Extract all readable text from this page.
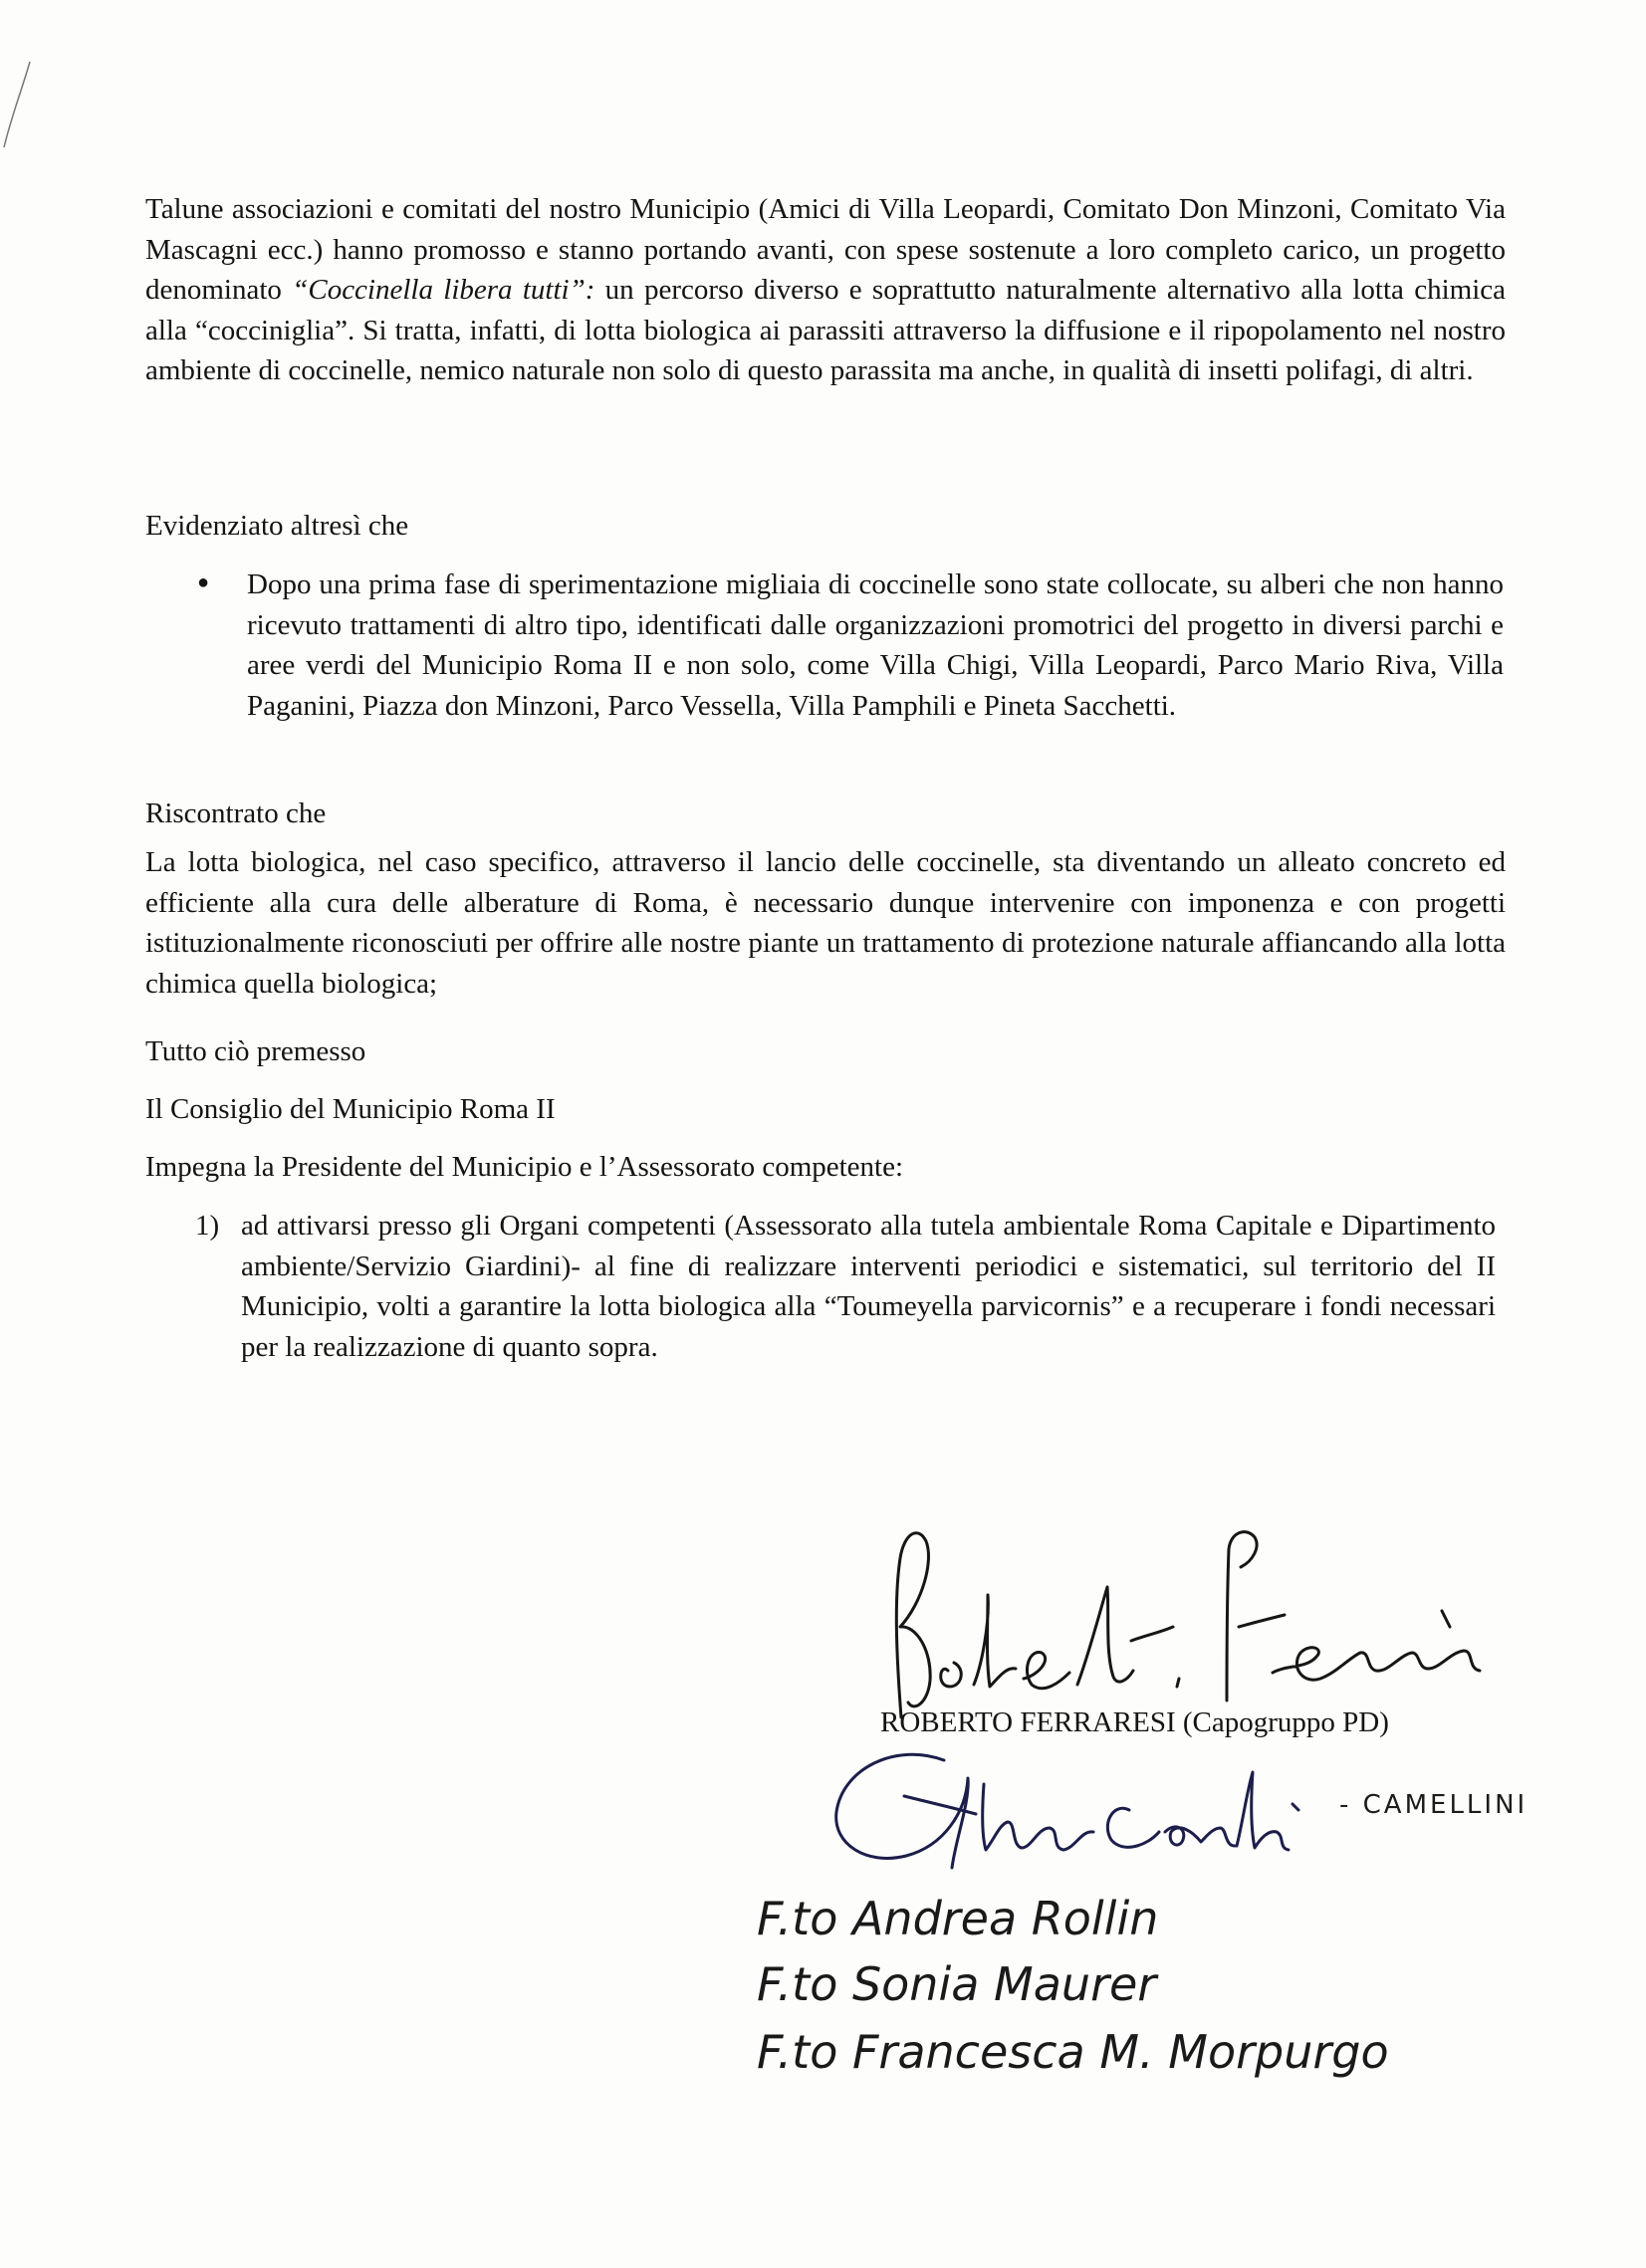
Talune associazioni e comitati del nostro Municipio (Amici di Villa Leopardi, Comitato Don Minzoni, Comitato Via Mascagni ecc.) hanno promosso e stanno portando avanti, con spese sostenute a loro completo carico, un progetto denominato “Coccinella libera tutti”: un percorso diverso e soprattutto naturalmente alternativo alla lotta chimica alla “cocciniglia”. Si tratta, infatti, di lotta biologica ai parassiti attraverso la diffusione e il ripopolamento nel nostro ambiente di coccinelle, nemico naturale non solo di questo parassita ma anche, in qualità di insetti polifagi, di altri.

Evidenziato altresì che

● Dopo una prima fase di sperimentazione migliaia di coccinelle sono state collocate, su alberi che non hanno ricevuto trattamenti di altro tipo, identificati dalle organizzazioni promotrici del progetto in diversi parchi e aree verdi del Municipio Roma II e non solo, come Villa Chigi, Villa Leopardi, Parco Mario Riva, Villa Paganini, Piazza don Minzoni, Parco Vessella, Villa Pamphili e Pineta Sacchetti.

Riscontrato che

La lotta biologica, nel caso specifico, attraverso il lancio delle coccinelle, sta diventando un alleato concreto ed efficiente alla cura delle alberature di Roma, è necessario dunque intervenire con imponenza e con progetti istituzionalmente riconosciuti per offrire alle nostre piante un trattamento di protezione naturale affiancando alla lotta chimica quella biologica;

Tutto ciò premesso

Il Consiglio del Municipio Roma II

Impegna la Presidente del Municipio e l’Assessorato competente:

1) ad attivarsi presso gli Organi competenti (Assessorato alla tutela ambientale Roma Capitale e Dipartimento ambiente/Servizio Giardini)- al fine di realizzare interventi periodici e sistematici, sul territorio del II Municipio, volti a garantire la lotta biologica alla “Toumeyella parvicornis” e a recuperare i fondi necessari per la realizzazione di quanto sopra.

ROBERTO FERRARESI (Capogruppo PD)

- CAMELLINI
F.to Andrea Rollin
F.to Sonia Maurer
F.to Francesca M. Morpurgo
